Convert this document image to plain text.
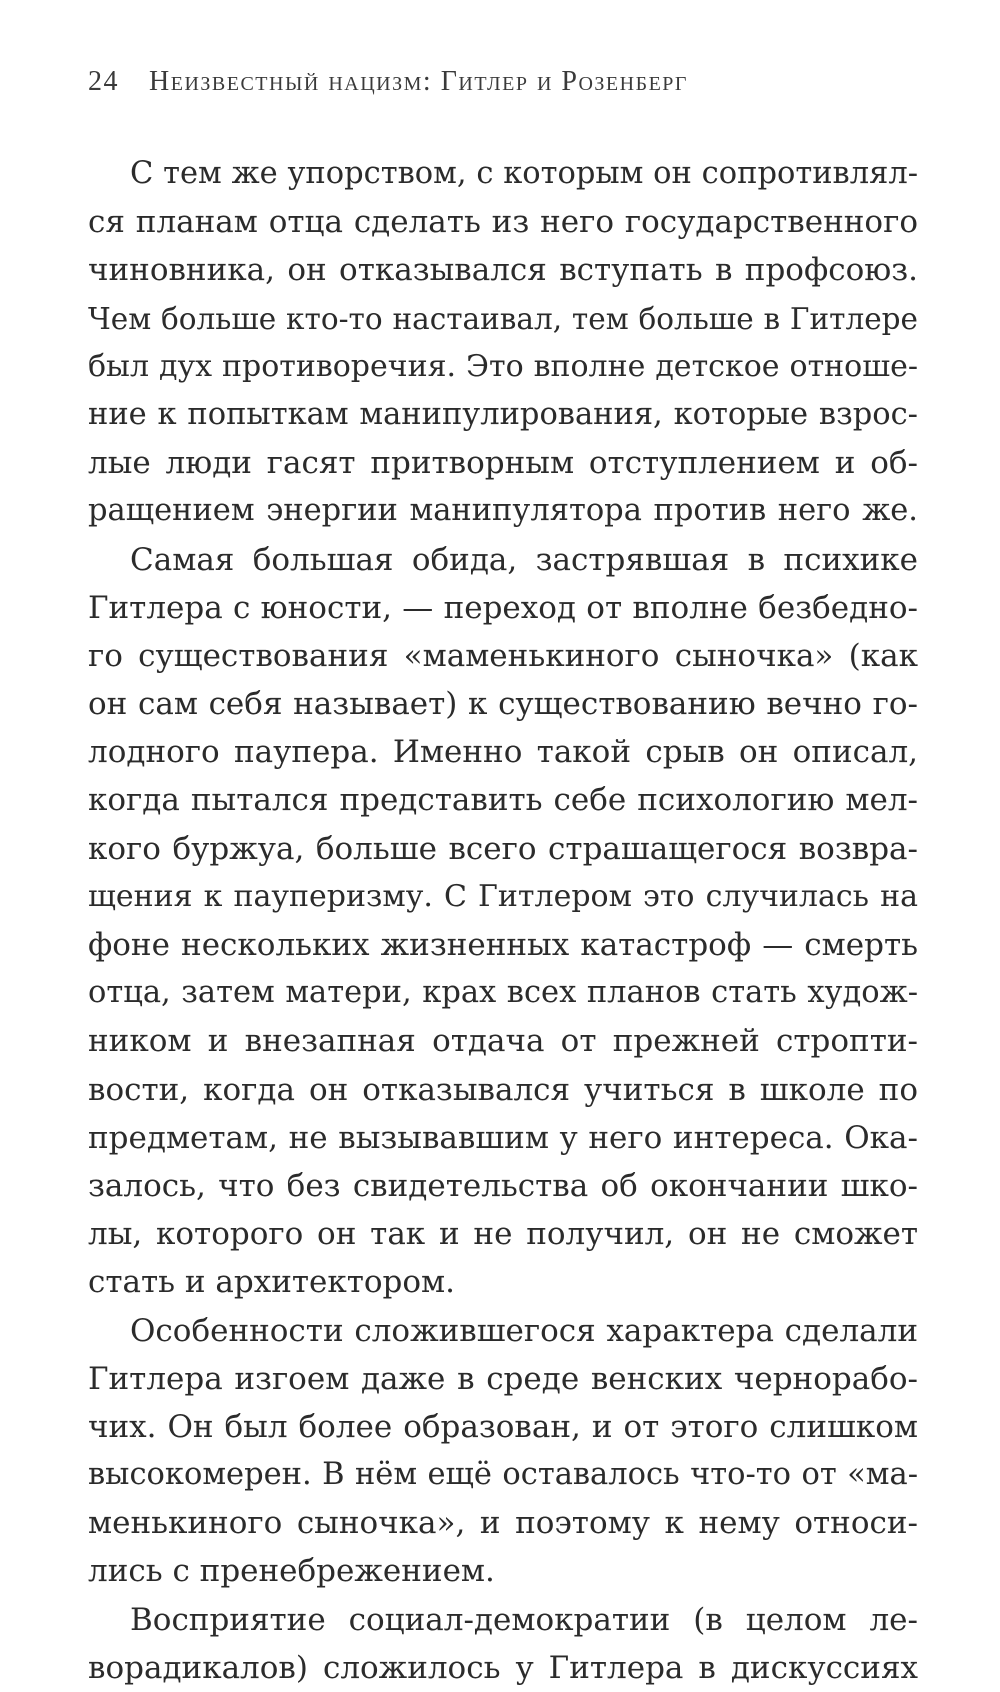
24 Неизвестный нацизм: Гитлер и Розенберг
С тем же упорством, с которым он сопротивлял-
ся планам отца сделать из него государственного
чиновника, он отказывался вступать в профсоюз.
Чем больше кто-то настаивал, тем больше в Гитлере
был дух противоречия. Это вполне детское отноше-
ние к попыткам манипулирования, которые взрос-
лые люди гасят притворным отступлением и об-
ращением энергии манипулятора против него же.
Самая большая обида, застрявшая в психике
Гитлера с юности, — переход от вполне безбедно-
го существования «маменькиного сыночка» (как
он сам себя называет) к существованию вечно го-
лодного паупера. Именно такой срыв он описал,
когда пытался представить себе психологию мел-
кого буржуа, больше всего страшащегося возвра-
щения к пауперизму. С Гитлером это случилась на
фоне нескольких жизненных катастроф — смерть
отца, затем матери, крах всех планов стать худож-
ником и внезапная отдача от прежней стропти-
вости, когда он отказывался учиться в школе по
предметам, не вызывавшим у него интереса. Ока-
залось, что без свидетельства об окончании шко-
лы, которого он так и не получил, он не сможет
стать и архитектором.
Особенности сложившегося характера сделали
Гитлера изгоем даже в среде венских чернорабо-
чих. Он был более образован, и от этого слишком
высокомерен. В нём ещё оставалось что-то от «ма-
менькиного сыночка», и поэтому к нему относи-
лись с пренебрежением.
Восприятие социал-демократии (в целом ле-
ворадикалов) сложилось у Гитлера в дискуссиях
